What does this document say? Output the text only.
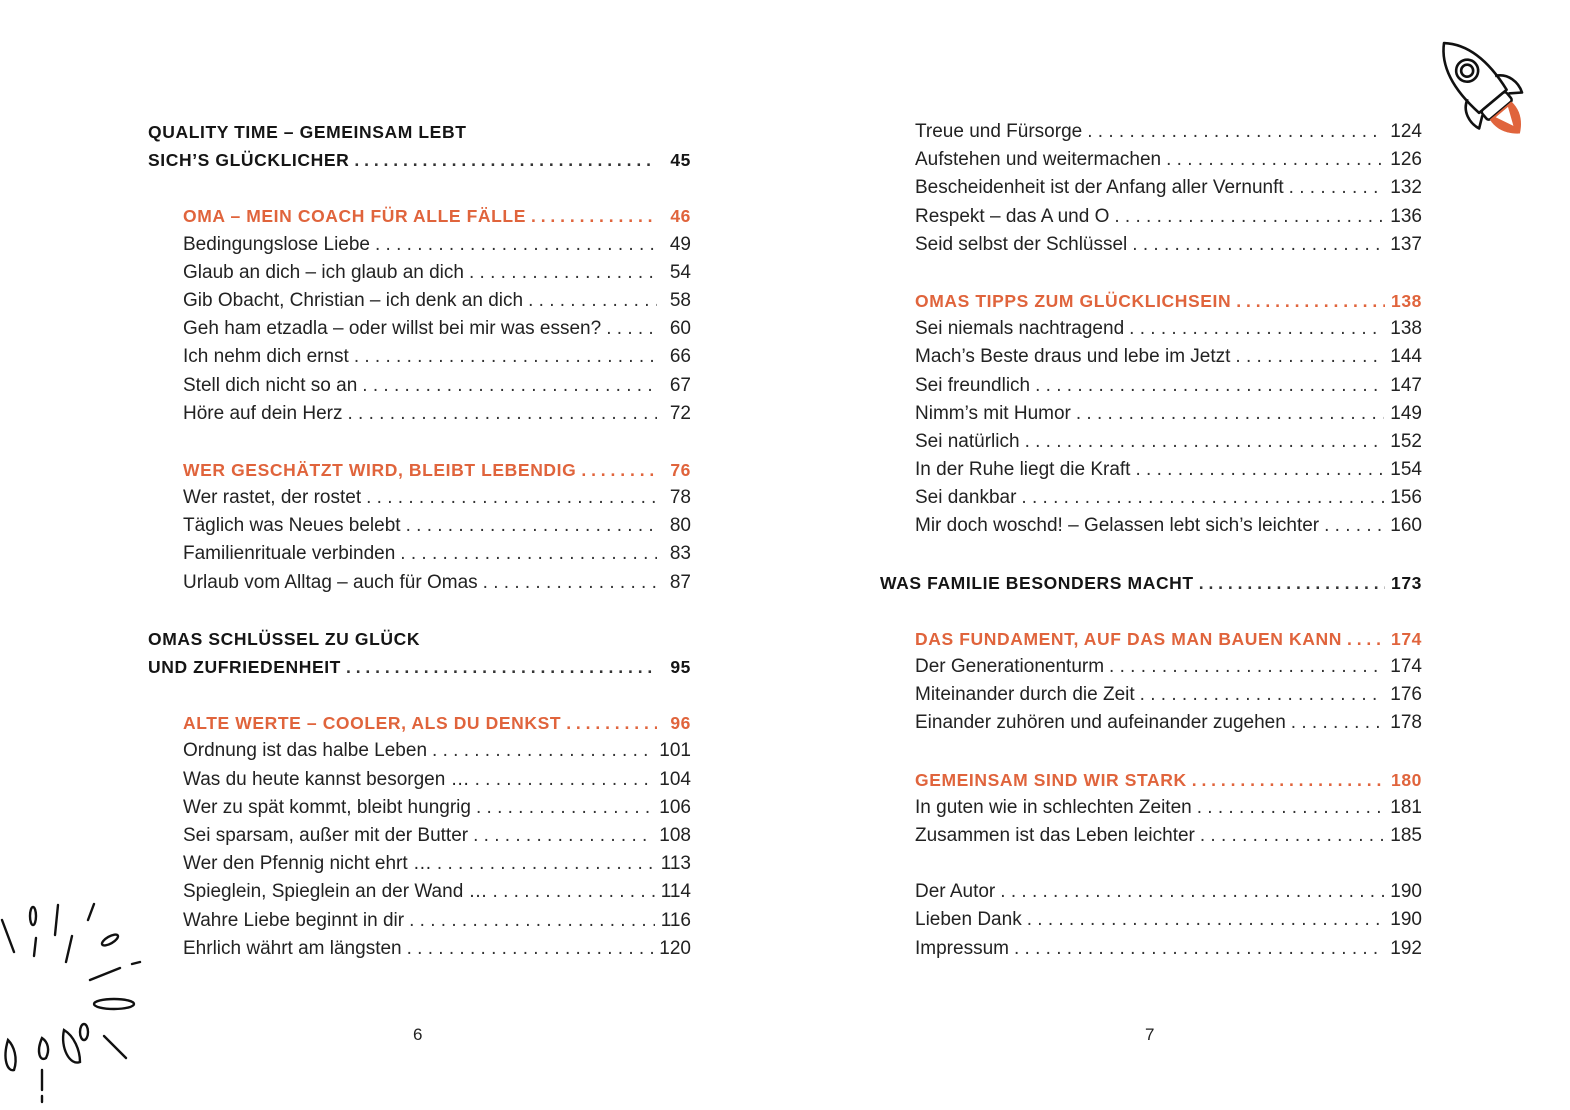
QUALITY TIME – GEMEINSAM LEBT
SICH’S GLÜCKLICHER . . .	45
OMA – MEIN COACH FÜR ALLE FÄLLE . . .	46
Bedingungslose Liebe . . .	49
Glaub an dich – ich glaub an dich . . .	54
Gib Obacht, Christian – ich denk an dich . . .	58
Geh ham etzadla – oder willst bei mir was essen? . . .	60
Ich nehm dich ernst . . .	66
Stell dich nicht so an . . .	67
Höre auf dein Herz . . .	72
WER GESCHÄTZT WIRD, BLEIBT LEBENDIG . . .	76
Wer rastet, der rostet . . .	78
Täglich was Neues belebt . . .	80
Familienrituale verbinden . . .	83
Urlaub vom Alltag – auch für Omas . . .	87
OMAS SCHLÜSSEL ZU GLÜCK
UND ZUFRIEDENHEIT . . .	95
ALTE WERTE – COOLER, ALS DU DENKST . . .	96
Ordnung ist das halbe Leben . . .	101
Was du heute kannst besorgen … . . .	104
Wer zu spät kommt, bleibt hungrig . . .	106
Sei sparsam, außer mit der Butter . . .	108
Wer den Pfennig nicht ehrt … . . .	113
Spieglein, Spieglein an der Wand … . . .	114
Wahre Liebe beginnt in dir . . .	116
Ehrlich währt am längsten . . .	120
6
Treue und Fürsorge . . .	124
Aufstehen und weitermachen . . .	126
Bescheidenheit ist der Anfang aller Vernunft . . .	132
Respekt – das A und O . . .	136
Seid selbst der Schlüssel . . .	137
OMAS TIPPS ZUM GLÜCKLICHSEIN . . .	138
Sei niemals nachtragend . . .	138
Mach’s Beste draus und lebe im Jetzt . . .	144
Sei freundlich . . .	147
Nimm’s mit Humor . . .	149
Sei natürlich . . .	152
In der Ruhe liegt die Kraft . . .	154
Sei dankbar . . .	156
Mir doch woschd! – Gelassen lebt sich’s leichter . . .	160
WAS FAMILIE BESONDERS MACHT . . .	173
DAS FUNDAMENT, AUF DAS MAN BAUEN KANN . . .	174
Der Generationenturm . . .	174
Miteinander durch die Zeit . . .	176
Einander zuhören und aufeinander zugehen . . .	178
GEMEINSAM SIND WIR STARK . . .	180
In guten wie in schlechten Zeiten . . .	181
Zusammen ist das Leben leichter . . .	185
Der Autor . . .	190
Lieben Dank . . .	190
Impressum . . .	192
7
